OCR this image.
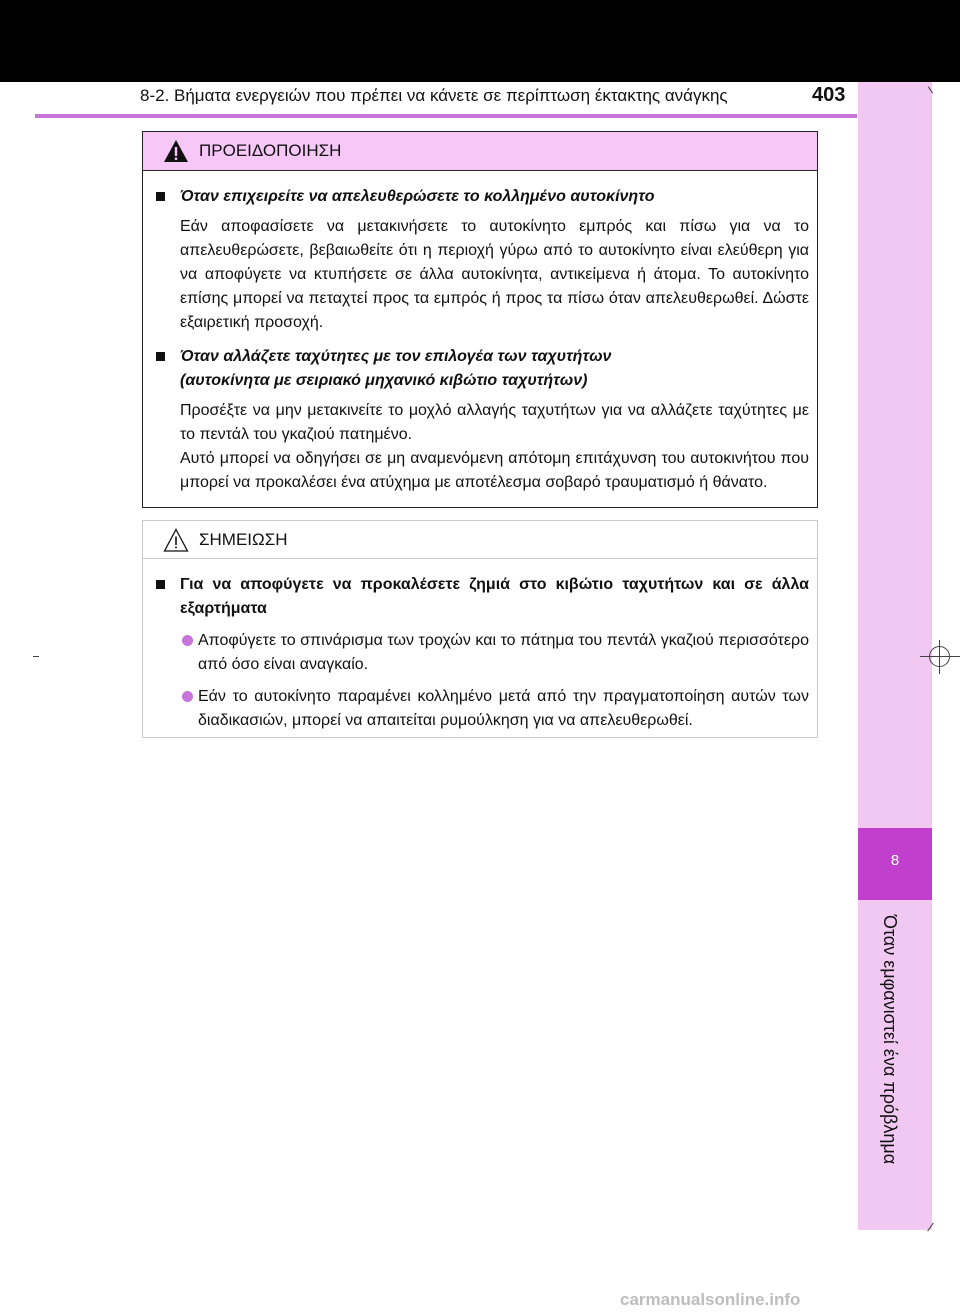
8-2. Βήματα ενεργειών που πρέπει να κάνετε σε περίπτωση έκτακτης ανάγκης	403
8
Όταν εμφανιστεί ένα πρόβλημα
ΠΡΟΕΙΔΟΠΟΙΗΣΗ
Όταν επιχειρείτε να απελευθερώσετε το κολλημένο αυτοκίνητο
Εάν αποφασίσετε να μετακινήσετε το αυτοκίνητο εμπρός και πίσω για να το απελευθερώσετε, βεβαιωθείτε ότι η περιοχή γύρω από το αυτοκίνητο είναι ελεύθερη για να αποφύγετε να κτυπήσετε σε άλλα αυτοκίνητα, αντικείμενα ή άτομα. Το αυτοκίνητο επίσης μπορεί να πεταχτεί προς τα εμπρός ή προς τα πίσω όταν απελευθερωθεί. Δώστε εξαιρετική προσοχή.
Όταν αλλάζετε ταχύτητες με τον επιλογέα των ταχυτήτων
(αυτοκίνητα με σειριακό μηχανικό κιβώτιο ταχυτήτων)
Προσέξτε να μην μετακινείτε το μοχλό αλλαγής ταχυτήτων για να αλλάζετε ταχύτητες με το πεντάλ του γκαζιού πατημένο.
Αυτό μπορεί να οδηγήσει σε μη αναμενόμενη απότομη επιτάχυνση του αυτοκινήτου που μπορεί να προκαλέσει ένα ατύχημα με αποτέλεσμα σοβαρό τραυματισμό ή θάνατο.
ΣΗΜΕΙΩΣΗ
Για να αποφύγετε να προκαλέσετε ζημιά στο κιβώτιο ταχυτήτων και σε άλλα εξαρτήματα
Αποφύγετε το σπινάρισμα των τροχών και το πάτημα του πεντάλ γκαζιού περισσότερο από όσο είναι αναγκαίο.
Εάν το αυτοκίνητο παραμένει κολλημένο μετά από την πραγματοποίηση αυτών των διαδικασιών, μπορεί να απαιτείται ρυμούλκηση για να απελευθερωθεί.
carmanualsonline.info
